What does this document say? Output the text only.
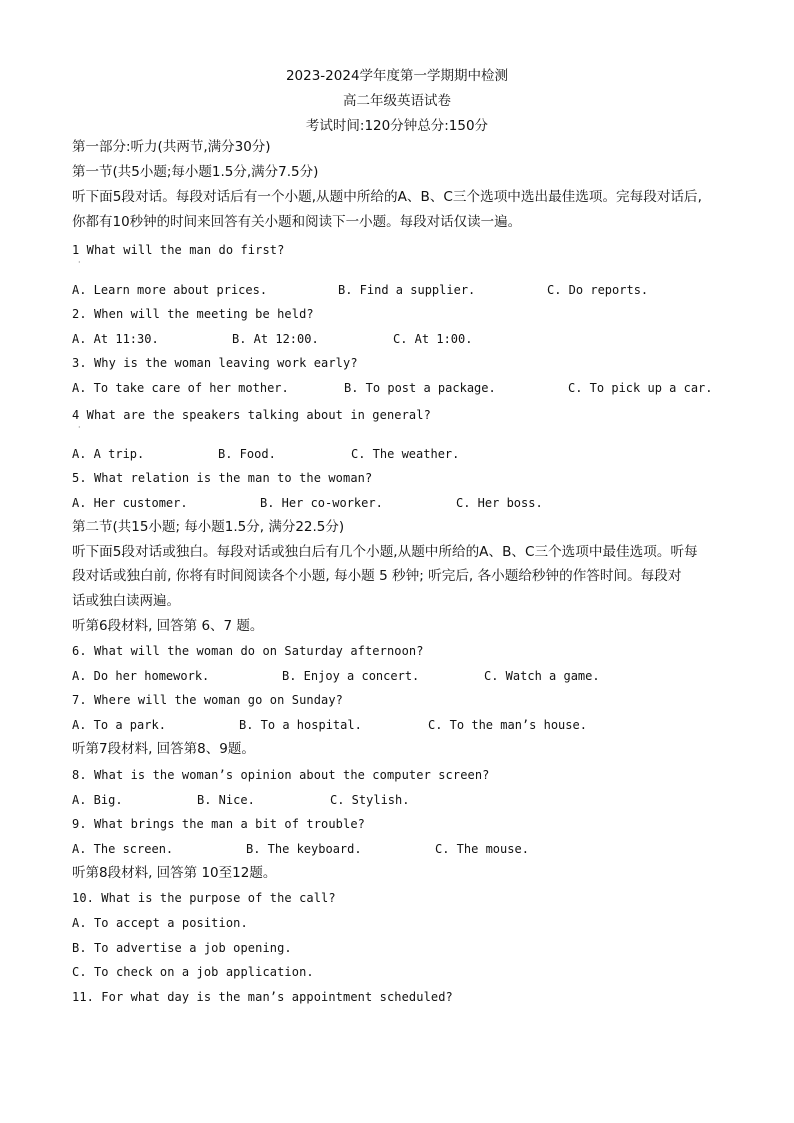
2023-2024学年度第一学期期中检测
高二年级英语试卷
考试时间:120分钟总分:150分
第一部分:听力(共两节,满分30分)
第一节(共5小题;每小题1.5分,满分7.5分)
听下面5段对话。每段对话后有一个小题,从题中所给的A、B、C三个选项中选出最佳选项。完每段对话后,
你都有10秒钟的时间来回答有关小题和阅读下一小题。每段对话仅读一遍。
1 What will the man do first?
·
A. Learn more about prices.	B. Find a supplier.	C. Do reports.
2. When will the meeting be held?
A. At 11:30.	B. At 12:00.	C. At 1:00.
3. Why is the woman leaving work early?
A. To take care of her mother.	B. To post a package.	C. To pick up a car.
4 What are the speakers talking about in general?
·
A. A trip.	B. Food.	C. The weather.
5. What relation is the man to the woman?
A. Her customer.	B. Her co-worker.	C. Her boss.
第二节(共15小题; 每小题1.5分, 满分22.5分)
听下面5段对话或独白。每段对话或独白后有几个小题,从题中所给的A、B、C三个选项中最佳选项。听每
段对话或独白前, 你将有时间阅读各个小题, 每小题 5 秒钟; 听完后, 各小题给秒钟的作答时间。每段对
话或独白读两遍。
听第6段材料, 回答第 6、7 题。
6. What will the woman do on Saturday afternoon?
A. Do her homework.	B. Enjoy a concert.	C. Watch a game.
7. Where will the woman go on Sunday?
A. To a park.	B. To a hospital.	C. To the man’s house.
听第7段材料, 回答第8、9题。
8. What is the woman’s opinion about the computer screen?
A. Big.	B. Nice.	C. Stylish.
9. What brings the man a bit of trouble?
A. The screen.	B. The keyboard.	C. The mouse.
听第8段材料, 回答第 10至12题。
10. What is the purpose of the call?
A. To accept a position.
B. To advertise a job opening.
C. To check on a job application.
11. For what day is the man’s appointment scheduled?
